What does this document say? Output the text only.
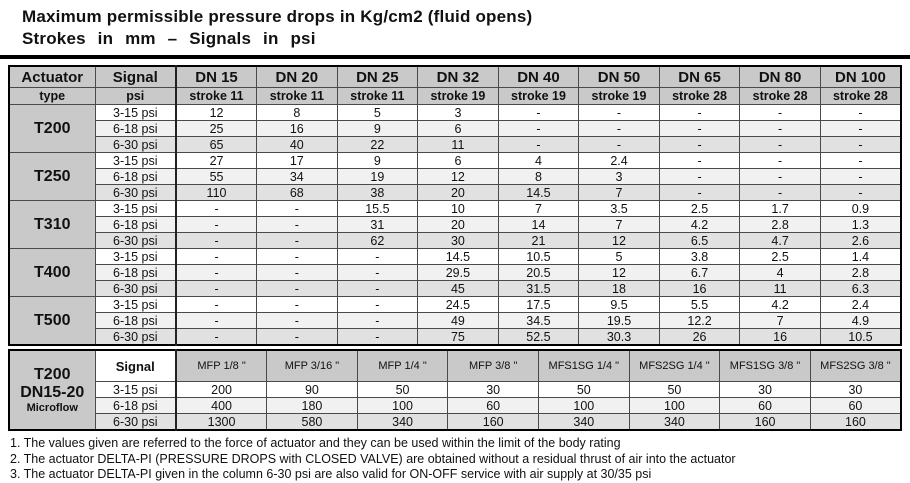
Maximum permissible pressure drops in Kg/cm2 (fluid opens)
Strokes in mm – Signals in psi
Actuator	Signal	DN 15	DN 20	DN 25	DN 32	DN 40	DN 50	DN 65	DN 80	DN 100
type	psi	stroke 11	stroke 11	stroke 11	stroke 19	stroke 19	stroke 19	stroke 28	stroke 28	stroke 28
T200	3-15 psi	12	8	5	3	-	-	-	-	-
	6-18 psi	25	16	9	6	-	-	-	-	-
	6-30 psi	65	40	22	11	-	-	-	-	-
T250	3-15 psi	27	17	9	6	4	2.4	-	-	-
	6-18 psi	55	34	19	12	8	3	-	-	-
	6-30 psi	110	68	38	20	14.5	7	-	-	-
T310	3-15 psi	-	-	15.5	10	7	3.5	2.5	1.7	0.9
	6-18 psi	-	-	31	20	14	7	4.2	2.8	1.3
	6-30 psi	-	-	62	30	21	12	6.5	4.7	2.6
T400	3-15 psi	-	-	-	14.5	10.5	5	3.8	2.5	1.4
	6-18 psi	-	-	-	29.5	20.5	12	6.7	4	2.8
	6-30 psi	-	-	-	45	31.5	18	16	11	6.3
T500	3-15 psi	-	-	-	24.5	17.5	9.5	5.5	4.2	2.4
	6-18 psi	-	-	-	49	34.5	19.5	12.2	7	4.9
	6-30 psi	-	-	-	75	52.5	30.3	26	16	10.5
T200
DN15-20
Microflow	Signal	MFP 1/8 "	MFP 3/16 "	MFP 1/4 "	MFP 3/8 "	MFS1SG 1/4 "	MFS2SG 1/4 "	MFS1SG 3/8 "	MFS2SG 3/8 "
	3-15 psi	200	90	50	30	50	50	30	30
	6-18 psi	400	180	100	60	100	100	60	60
	6-30 psi	1300	580	340	160	340	340	160	160
1. The values given are referred to the force of actuator and they can be used within the limit of the body rating
2. The actuator DELTA-PI (PRESSURE DROPS with CLOSED VALVE) are obtained without a residual thrust of air into the actuator
3. The actuator DELTA-PI given in the column 6-30 psi are also valid for ON-OFF service with air supply at 30/35 psi
